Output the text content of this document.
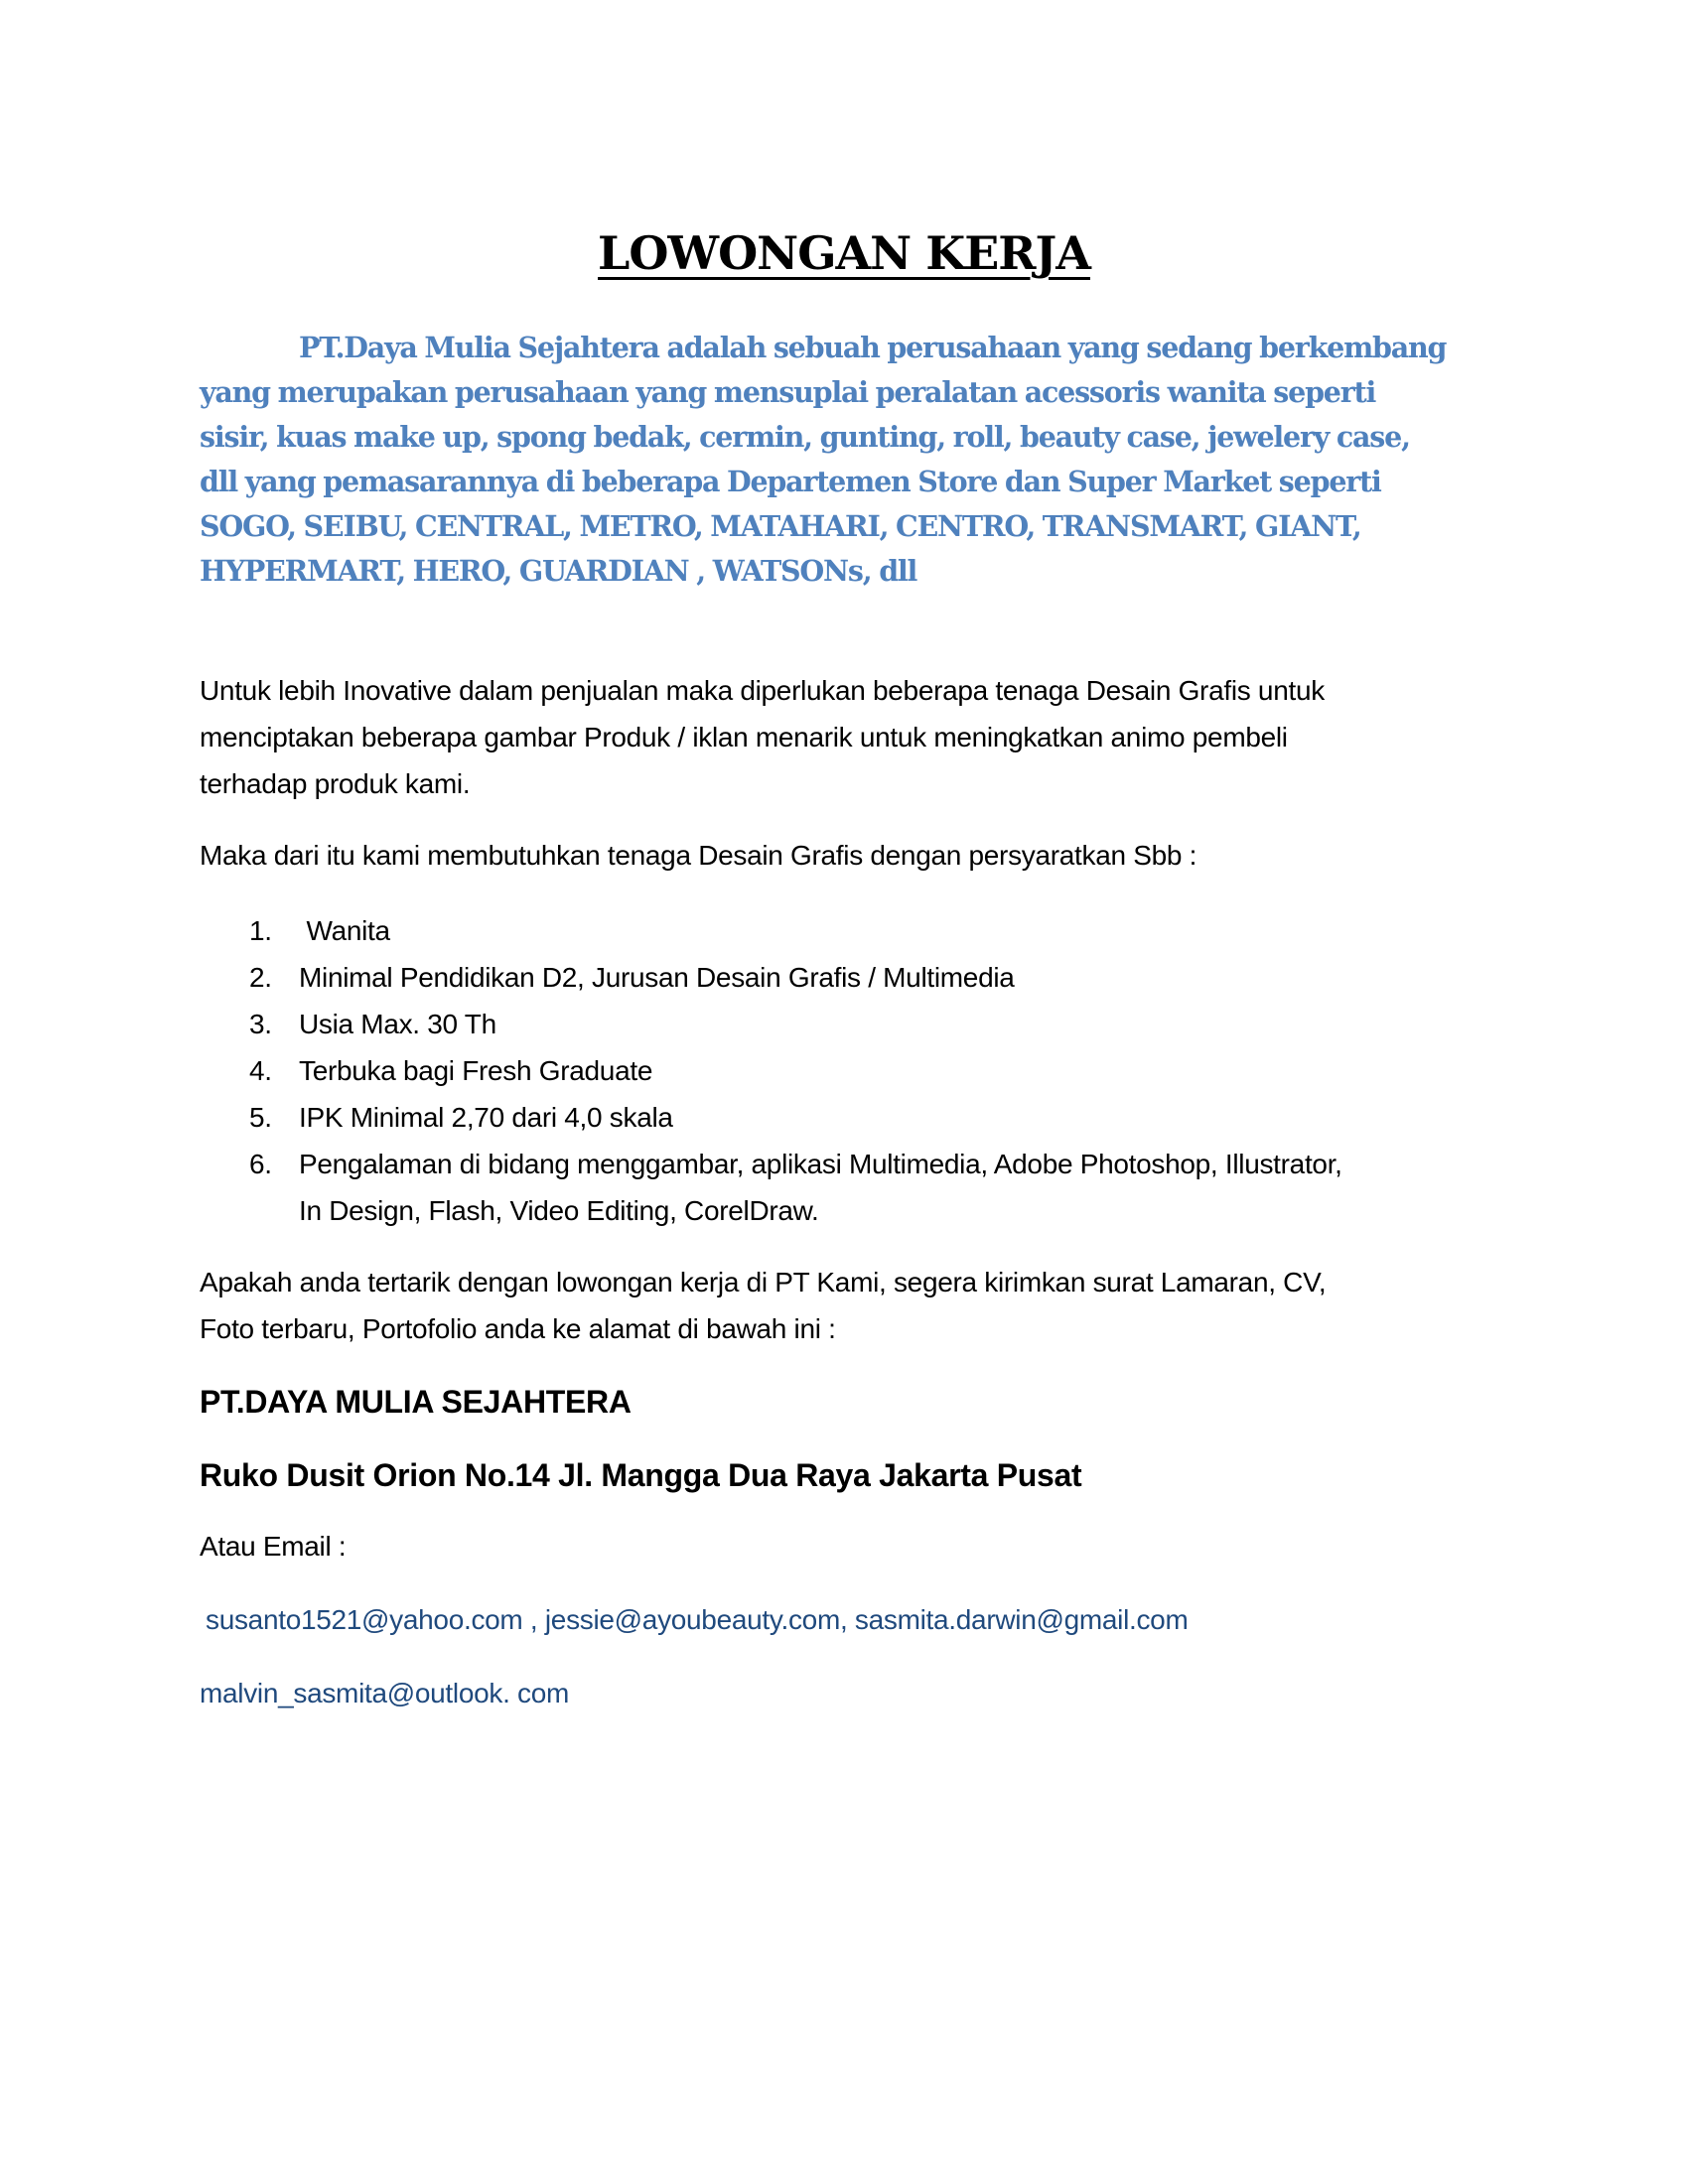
LOWONGAN KERJA

PT.Daya Mulia Sejahtera adalah sebuah perusahaan yang sedang berkembang
yang merupakan perusahaan yang mensuplai peralatan acessoris wanita seperti
sisir, kuas make up, spong bedak, cermin, gunting, roll, beauty case, jewelery case,
dll yang pemasarannya di beberapa Departemen Store dan Super Market seperti
SOGO, SEIBU, CENTRAL, METRO, MATAHARI, CENTRO, TRANSMART, GIANT,
HYPERMART, HERO, GUARDIAN , WATSONs, dll

Untuk lebih Inovative dalam penjualan maka diperlukan beberapa tenaga Desain Grafis untuk
menciptakan beberapa gambar Produk / iklan menarik untuk meningkatkan animo pembeli
terhadap produk kami.

Maka dari itu kami membutuhkan tenaga Desain Grafis dengan persyaratkan Sbb :

1. Wanita
2. Minimal Pendidikan D2, Jurusan Desain Grafis / Multimedia
3. Usia Max. 30 Th
4. Terbuka bagi Fresh Graduate
5. IPK Minimal 2,70 dari 4,0 skala
6. Pengalaman di bidang menggambar, aplikasi Multimedia, Adobe Photoshop, Illustrator,
In Design, Flash, Video Editing, CorelDraw.

Apakah anda tertarik dengan lowongan kerja di PT Kami, segera kirimkan surat Lamaran, CV,
Foto terbaru, Portofolio anda ke alamat di bawah ini :

PT.DAYA MULIA SEJAHTERA
Ruko Dusit Orion No.14 Jl. Mangga Dua Raya Jakarta Pusat

Atau Email :

susanto1521@yahoo.com , jessie@ayoubeauty.com, sasmita.darwin@gmail.com

malvin_sasmita@outlook. com
